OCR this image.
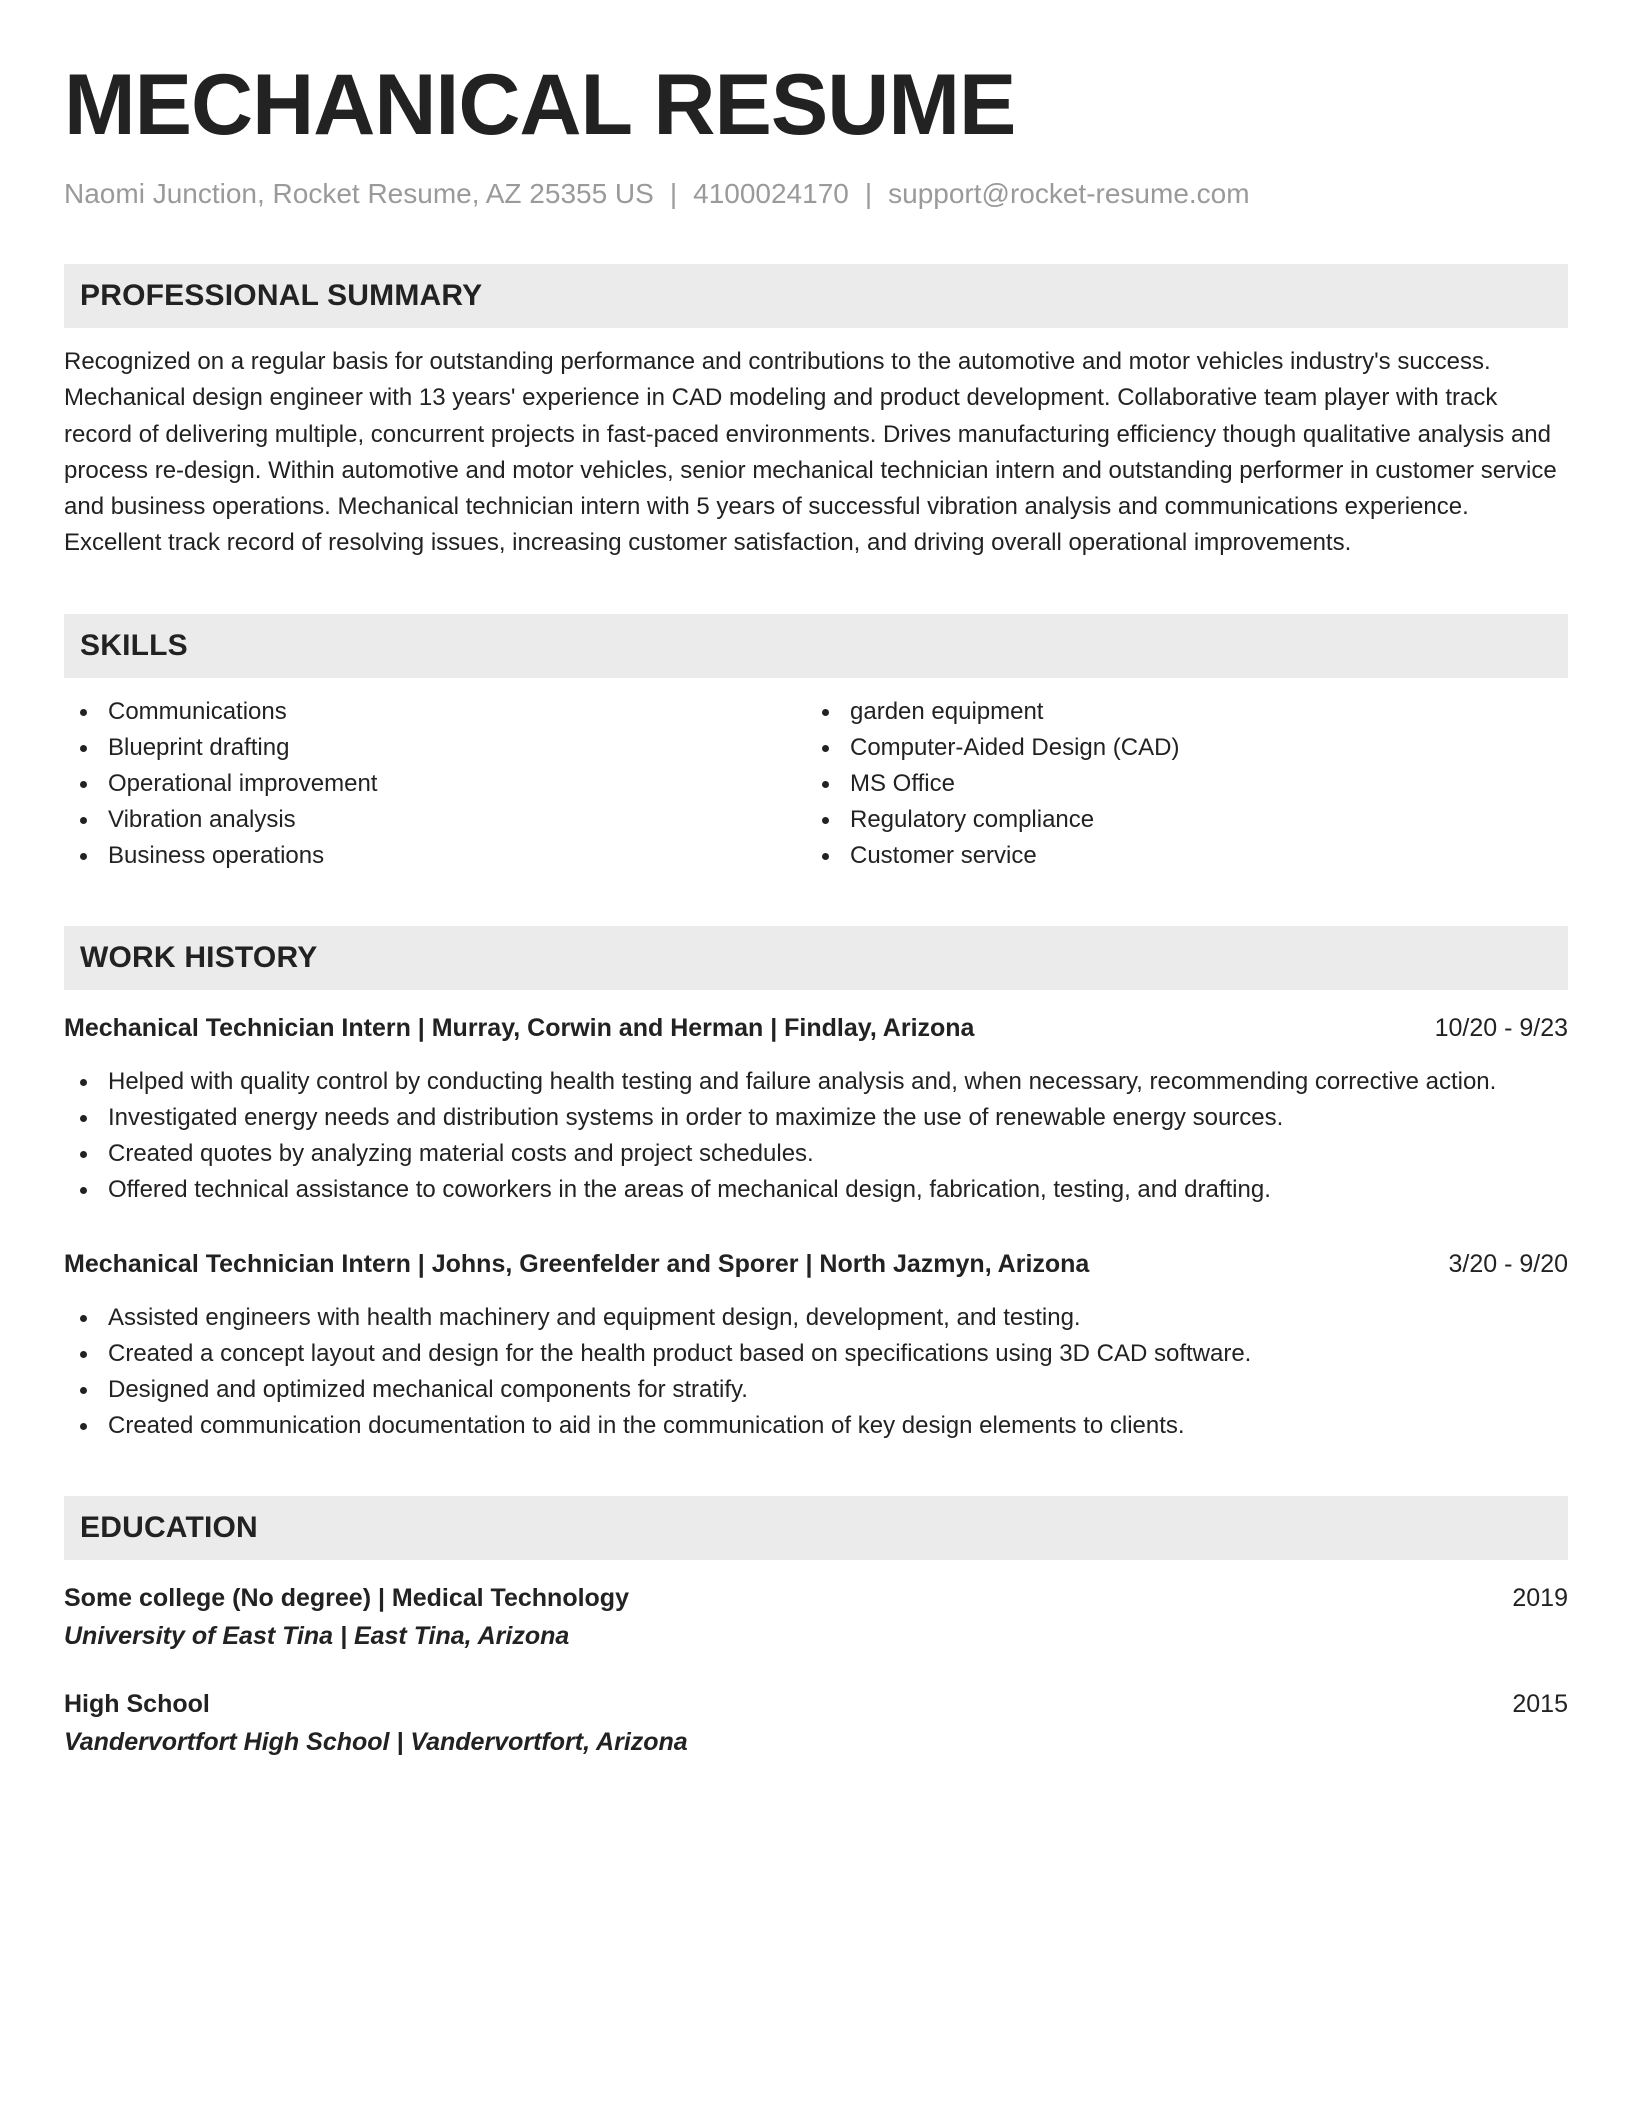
MECHANICAL RESUME
Naomi Junction, Rocket Resume, AZ 25355 US | 4100024170 | support@rocket-resume.com
PROFESSIONAL SUMMARY
Recognized on a regular basis for outstanding performance and contributions to the automotive and motor vehicles industry's success. Mechanical design engineer with 13 years' experience in CAD modeling and product development. Collaborative team player with track record of delivering multiple, concurrent projects in fast-paced environments. Drives manufacturing efficiency though qualitative analysis and process re-design. Within automotive and motor vehicles, senior mechanical technician intern and outstanding performer in customer service and business operations. Mechanical technician intern with 5 years of successful vibration analysis and communications experience. Excellent track record of resolving issues, increasing customer satisfaction, and driving overall operational improvements.
SKILLS
Communications
Blueprint drafting
Operational improvement
Vibration analysis
Business operations
garden equipment
Computer-Aided Design (CAD)
MS Office
Regulatory compliance
Customer service
WORK HISTORY
Mechanical Technician Intern | Murray, Corwin and Herman | Findlay, Arizona	10/20 - 9/23
Helped with quality control by conducting health testing and failure analysis and, when necessary, recommending corrective action.
Investigated energy needs and distribution systems in order to maximize the use of renewable energy sources.
Created quotes by analyzing material costs and project schedules.
Offered technical assistance to coworkers in the areas of mechanical design, fabrication, testing, and drafting.
Mechanical Technician Intern | Johns, Greenfelder and Sporer | North Jazmyn, Arizona	3/20 - 9/20
Assisted engineers with health machinery and equipment design, development, and testing.
Created a concept layout and design for the health product based on specifications using 3D CAD software.
Designed and optimized mechanical components for stratify.
Created communication documentation to aid in the communication of key design elements to clients.
EDUCATION
Some college (No degree) | Medical Technology	2019
University of East Tina | East Tina, Arizona
High School	2015
Vandervortfort High School | Vandervortfort, Arizona
